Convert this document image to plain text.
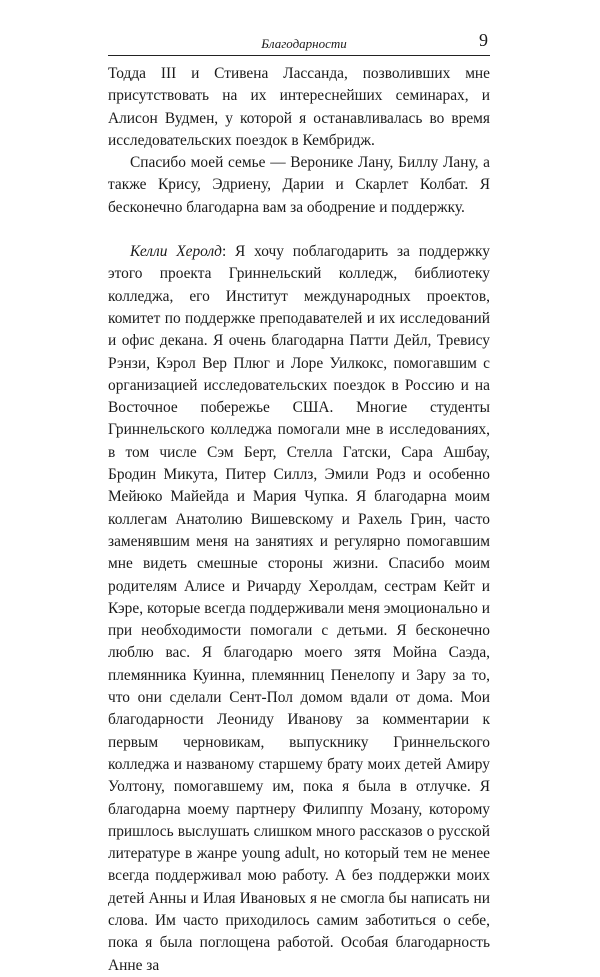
Благодарности	9

Тодда III и Стивена Лассанда, позволивших мне присутствовать на их интереснейших семинарах, и Алисон Вудмен, у которой я останавливалась во время исследовательских поездок в Кембридж.

Спасибо моей семье — Веронике Лану, Биллу Лану, а также Крису, Эдриену, Дарии и Скарлет Колбат. Я бесконечно благодарна вам за ободрение и поддержку.

Келли Херолд: Я хочу поблагодарить за поддержку этого проекта Гриннельский колледж, библиотеку колледжа, его Институт международных проектов, комитет по поддержке преподавателей и их исследований и офис декана. Я очень благодарна Патти Дейл, Тревису Рэнзи, Кэрол Вер Плюг и Лоре Уилкокс, помогавшим с организацией исследовательских поездок в Россию и на Восточное побережье США. Многие студенты Гриннельского колледжа помогали мне в исследованиях, в том числе Сэм Берт, Стелла Гатски, Сара Ашбау, Бродин Микута, Питер Силлз, Эмили Родз и особенно Мейюко Майейда и Мария Чупка. Я благодарна моим коллегам Анатолию Вишевскому и Рахель Грин, часто заменявшим меня на занятиях и регулярно помогавшим мне видеть смешные стороны жизни. Спасибо моим родителям Алисе и Ричарду Херолдам, сестрам Кейт и Кэре, которые всегда поддерживали меня эмоционально и при необходимости помогали с детьми. Я бесконечно люблю вас. Я благодарю моего зятя Мойна Саэда, племянника Куинна, племянниц Пенелопу и Зару за то, что они сделали Сент-Пол домом вдали от дома. Мои благодарности Леониду Иванову за комментарии к первым черновикам, выпускнику Гриннельского колледжа и названому старшему брату моих детей Амиру Уолтону, помогавшему им, пока я была в отлучке. Я благодарна моему партнеру Филиппу Мозану, которому пришлось выслушать слишком много рассказов о русской литературе в жанре young adult, но который тем не менее всегда поддерживал мою работу. А без поддержки моих детей Анны и Илая Ивановых я не смогла бы написать ни слова. Им часто приходилось самим заботиться о себе, пока я была поглощена работой. Особая благодарность Анне за
